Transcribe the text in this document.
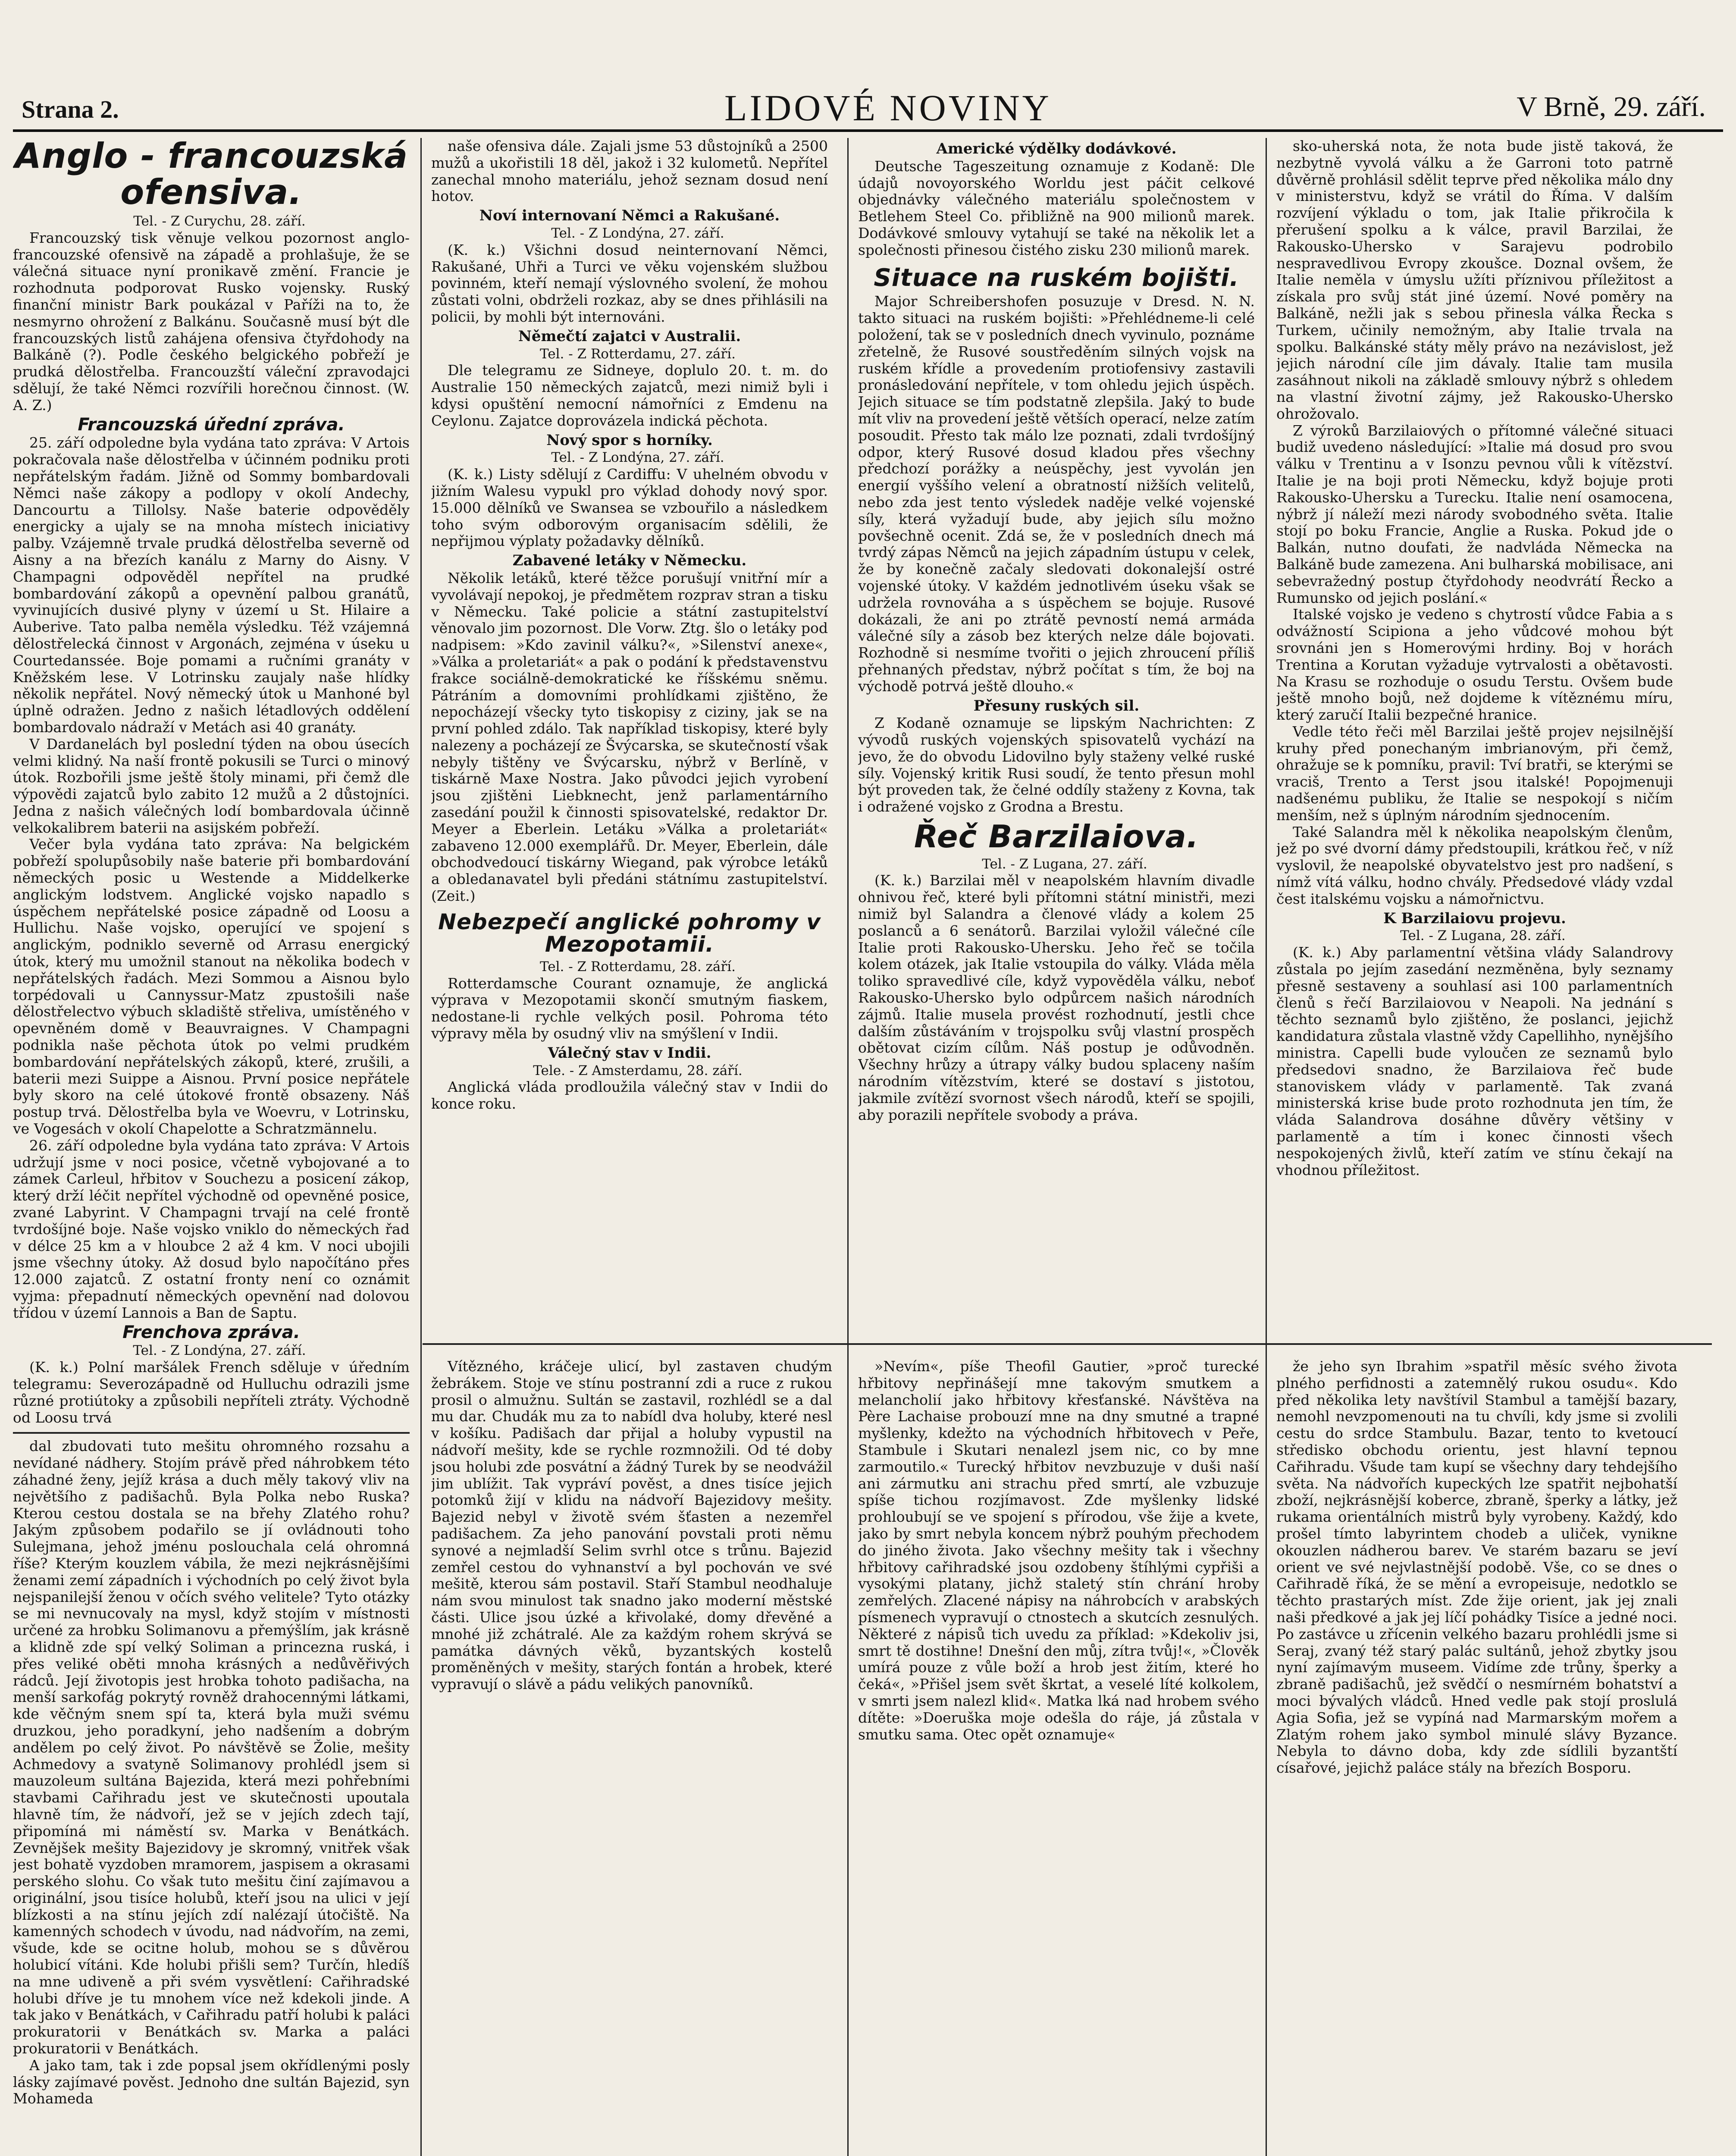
Strana 2.	LIDOVÉ NOVINY	V Brně, 29. září.
Anglo - francouzská ofensiva.

Tel. - Z Curychu, 28. září.

Francouzský tisk věnuje velkou pozornost anglo-francouzské ofensivě na západě a prohlašuje, že se válečná situace nyní pronikavě změní. Francie je rozhodnuta podporovat Rusko vojensky. Ruský finanční ministr Bark poukázal v Paříži na to, že nesmyrno ohrožení z Balkánu. Současně musí být dle francouzských listů zahájena ofensiva čtyřdohody na Balkáně (?). Podle českého belgického pobřeží je prudká dělostřelba. Francouzští váleční zpravodajci sdělují, že také Němci rozvířili horečnou činnost. (W. A. Z.)

Francouzská úřední zpráva.

25. září odpoledne byla vydána tato zpráva: V Artois pokračovala naše dělostřelba v účinném podniku proti nepřátelským řadám. Jižně od Sommy bombardovali Němci naše zákopy a podlopy v okolí Andechy, Dancourtu a Tillolsy. Naše baterie odpověděly energicky a ujaly se na mnoha místech iniciativy palby. Vzájemně trvale prudká dělostřelba severně od Aisny a na březích kanálu z Marny do Aisny. V Champagni odpověděl nepřítel na prudké bombardování zákopů a opevnění palbou granátů, vyvinujících dusivé plyny v území u St. Hilaire a Auberive. Tato palba neměla výsledku. Též vzájemná dělostřelecká činnost v Argonách, zejména v úseku u Courtedanssée. Boje pomami a ručními granáty v Kněžském lese. V Lotrinsku zaujaly naše hlídky několik nepřátel. Nový německý útok u Manhoné byl úplně odražen. Jedno z našich létadlových oddělení bombardovalo nádraží v Metách asi 40 granáty.

V Dardanelách byl poslední týden na obou úsecích velmi klidný. Na naší frontě pokusili se Turci o minový útok. Rozbořili jsme ještě štoly minami, při čemž dle výpovědi zajatců bylo zabito 12 mužů a 2 důstojníci. Jedna z našich válečných lodí bombardovala účinně velkokalibrem baterii na asijském pobřeží.

Večer byla vydána tato zpráva: Na belgickém pobřeží spolupůsobily naše baterie při bombardování německých posic u Westende a Middelkerke anglickým lodstvem. Anglické vojsko napadlo s úspěchem nepřátelské posice západně od Loosu a Hullichu. Naše vojsko, operující ve spojení s anglickým, podniklo severně od Arrasu energický útok, který mu umožnil stanout na několika bodech v nepřátelských řadách. Mezi Sommou a Aisnou bylo torpédovali u Cannyssur-Matz zpustošili naše dělostřelectvo výbuch skladiště střeliva, umístěného v opevněném domě v Beauvraignes. V Champagni podnikla naše pěchota útok po velmi prudkém bombardování nepřátelských zákopů, které, zrušili, a baterii mezi Suippe a Aisnou. První posice nepřátele byly skoro na celé útokové frontě obsazeny. Náš postup trvá. Dělostřelba byla ve Woevru, v Lotrinsku, ve Vogesách v okolí Chapelotte a Schratzmännelu.

26. září odpoledne byla vydána tato zpráva: V Artois udržují jsme v noci posice, včetně vybojované a to zámek Carleul, hřbitov v Souchezu a posicení zákop, který drží léčit nepřítel východně od opevněné posice, zvané Labyrint. V Champagni trvají na celé frontě tvrdošíjné boje. Naše vojsko vniklo do německých řad v délce 25 km a v hloubce 2 až 4 km. V noci ubojili jsme všechny útoky. Až dosud bylo napočítáno přes 12.000 zajatců. Z ostatní fronty není co oznámit vyjma: přepadnutí německých opevnění nad dolovou třídou v území Lannois a Ban de Saptu.

Frenchova zpráva.

Tel. - Z Londýna, 27. září.

(K. k.) Polní maršálek French sděluje v úředním telegramu: Severozápadně od Hulluchu odrazili jsme různé protiútoky a způsobili nepříteli ztráty. Východně od Loosu trvá

dal zbudovati tuto mešitu ohromného rozsahu a nevídané nádhery. Stojím právě před náhrobkem této záhadné ženy, jejíž krása a duch měly takový vliv na největšího z padišachů. Byla Polka nebo Ruska? Kterou cestou dostala se na břehy Zlatého rohu? Jakým způsobem podařilo se jí ovládnouti toho Sulejmana, jehož jménu poslouchala celá ohromná říše? Kterým kouzlem vábila, že mezi nejkrásnějšími ženami zemí západních i východních po celý život byla nejspanilejší ženou v očích svého velitele? Tyto otázky se mi nevnucovaly na mysl, když stojím v místnosti určené za hrobku Solimanovu a přemýšlím, jak krásně a klidně zde spí velký Soliman a princezna ruská, i přes veliké oběti mnoha krásných a nedůvěřivých rádců. Její životopis jest hrobka tohoto padišacha, na menší sarkofág pokrytý rovněž drahocennými látkami, kde věčným snem spí ta, která byla muži svému druzkou, jeho poradkyní, jeho nadšením a dobrým andělem po celý život. Po návštěvě se Žolie, mešity Achmedovy a svatyně Solimanovy prohlédl jsem si mauzoleum sultána Bajezida, která mezi pohřebními stavbami Cařihradu jest ve skutečnosti upoutala hlavně tím, že nádvoří, jež se v jejích zdech tají, připomíná mi náměstí sv. Marka v Benátkách. Zevnějšek mešity Bajezidovy je skromný, vnitřek však jest bohatě vyzdoben mramorem, jaspisem a okrasami perského slohu. Co však tuto mešitu činí zajímavou a originální, jsou tisíce holubů, kteří jsou na ulici v její blízkosti a na stínu jejích zdí nalézají útočiště. Na kamenných schodech v úvodu, nad nádvořím, na zemi, všude, kde se ocitne holub, mohou se s důvěrou holubicí vítáni. Kde holubi přišli sem? Turčín, hledíš na mne udiveně a při svém vysvětlení: Cařihradské holubi dříve je tu mnohem více než kdekoli jinde. A tak jako v Benátkách, v Cařihradu patří holubi k paláci prokuratorii v Benátkách sv. Marka a paláci prokuratorii v Benátkách.

A jako tam, tak i zde popsal jsem okřídlenými posly lásky zajímavé pověst. Jednoho dne sultán Bajezid, syn Mohameda

naše ofensiva dále. Zajali jsme 53 důstojníků a 2500 mužů a ukořistili 18 děl, jakož i 32 kulometů. Nepřítel zanechal mnoho materiálu, jehož seznam dosud není hotov.

Noví internovaní Němci a Rakušané.

Tel. - Z Londýna, 27. září.

(K. k.) Všichni dosud neinternovaní Němci, Rakušané, Uhři a Turci ve věku vojenském službou povinném, kteří nemají výslovného svolení, že mohou zůstati volni, obdrželi rozkaz, aby se dnes přihlásili na policii, by mohli být internováni.

Němečtí zajatci v Australii.

Tel. - Z Rotterdamu, 27. září.

Dle telegramu ze Sidneye, doplulo 20. t. m. do Australie 150 německých zajatců, mezi nimiž byli i kdysi opuštění nemocní námořníci z Emdenu na Ceylonu. Zajatce doprovázela indická pěchota.

Nový spor s horníky.

Tel. - Z Londýna, 27. září.

(K. k.) Listy sdělují z Cardiffu: V uhelném obvodu v jižním Walesu vypukl pro výklad dohody nový spor. 15.000 dělníků ve Swansea se vzbouřilo a následkem toho svým odborovým organisacím sdělili, že nepřijmou výplaty požadavky dělníků.

Zabavené letáky v Německu.

Několik letáků, které těžce porušují vnitřní mír a vyvolávají nepokoj, je předmětem rozprav stran a tisku v Německu. Také policie a státní zastupitelství věnovalo jim pozornost. Dle Vorw. Ztg. šlo o letáky pod nadpisem: »Kdo zavinil válku?«, »Silenství anexe«, »Válka a proletariát« a pak o podání k představenstvu frakce sociálně-demokratické ke říšskému sněmu. Pátráním a domovními prohlídkami zjištěno, že nepocházejí všecky tyto tiskopisy z ciziny, jak se na první pohled zdálo. Tak například tiskopisy, které byly nalezeny a pocházejí ze Švýcarska, se skutečností však nebyly tištěny ve Švýcarsku, nýbrž v Berlíně, v tiskárně Maxe Nostra. Jako původci jejich vyrobení jsou zjištěni Liebknecht, jenž parlamentárního zasedání použil k činnosti spisovatelské, redaktor Dr. Meyer a Eberlein. Letáku »Válka a proletariát« zabaveno 12.000 exemplářů. Dr. Meyer, Eberlein, dále obchodvedoucí tiskárny Wiegand, pak výrobce letáků a obledanavatel byli předáni státnímu zastupitelství. (Zeit.)

Nebezpečí anglické pohromy v Mezopotamii.

Tel. - Z Rotterdamu, 28. září.

Rotterdamsche Courant oznamuje, že anglická výprava v Mezopotamii skončí smutným fiaskem, nedostane-li rychle velkých posil. Pohroma této výpravy měla by osudný vliv na smýšlení v Indii.

Válečný stav v Indii.

Tele. - Z Amsterdamu, 28. září.

Anglická vláda prodloužila válečný stav v Indii do konce roku.

Americké výdělky dodávkové.

Deutsche Tageszeitung oznamuje z Kodaně: Dle údajů novoyorského Worldu jest páčit celkové objednávky válečného materiálu společnostem v Betlehem Steel Co. přibližně na 900 milionů marek. Dodávkové smlouvy vytahují se také na několik let a společnosti přinesou čistého zisku 230 milionů marek.

Situace na ruském bojišti.

Major Schreibershofen posuzuje v Dresd. N. N. takto situaci na ruském bojišti: »Přehlédneme-li celé položení, tak se v posledních dnech vyvinulo, poznáme zřetelně, že Rusové soustředěním silných vojsk na ruském křídle a provedením protiofensivy zastavili pronásledování nepřítele, v tom ohledu jejich úspěch. Jejich situace se tím podstatně zlepšila. Jaký to bude mít vliv na provedení ještě větších operací, nelze zatím posoudit. Přesto tak málo lze poznati, zdali tvrdošíjný odpor, který Rusové dosud kladou přes všechny předchozí porážky a neúspěchy, jest vyvolán jen energií vyššího velení a obratností nižších velitelů, nebo zda jest tento výsledek naděje velké vojenské síly, která vyžadují bude, aby jejich sílu možno povšechně ocenit. Zdá se, že v posledních dnech má tvrdý zápas Němců na jejich západním ústupu v celek, že by konečně začaly sledovati dokonalejší ostré vojenské útoky. V každém jednotlivém úseku však se udržela rovnováha a s úspěchem se bojuje. Rusové dokázali, že ani po ztrátě pevností nemá armáda válečné síly a zásob bez kterých nelze dále bojovati. Rozhodně si nesmíme tvořiti o jejich zhroucení příliš přehnaných představ, nýbrž počítat s tím, že boj na východě potrvá ještě dlouho.«

Přesuny ruských sil.

Z Kodaně oznamuje se lipským Nachrichten: Z vývodů ruských vojenských spisovatelů vychází na jevo, že do obvodu Lidovilno byly staženy velké ruské síly. Vojenský kritik Rusi soudí, že tento přesun mohl být proveden tak, že čelné oddíly staženy z Kovna, tak i odražené vojsko z Grodna a Brestu.

Řeč Barzilaiova.

Tel. - Z Lugana, 27. září.

(K. k.) Barzilai měl v neapolském hlavním divadle ohnivou řeč, které byli přítomni státní ministři, mezi nimiž byl Salandra a členové vlády a kolem 25 poslanců a 6 senátorů. Barzilai vyložil válečné cíle Italie proti Rakousko-Uhersku. Jeho řeč se točila kolem otázek, jak Italie vstoupila do války. Vláda měla toliko spravedlivé cíle, když vypověděla válku, neboť Rakousko-Uhersko bylo odpůrcem našich národních zájmů. Italie musela provést rozhodnutí, jestli chce dalším zůstáváním v trojspolku svůj vlastní prospěch obětovat cizím cílům. Náš postup je odůvodněn. Všechny hrůzy a útrapy války budou splaceny naším národním vítězstvím, které se dostaví s jistotou, jakmile zvítězí svornost všech národů, kteří se spojili, aby porazili nepřítele svobody a práva.

sko-uherská nota, že nota bude jistě taková, že nezbytně vyvolá válku a že Garroni toto patrně důvěrně prohlásil sdělit teprve před několika málo dny v ministerstvu, když se vrátil do Říma. V dalším rozvíjení výkladu o tom, jak Italie přikročila k přerušení spolku a k válce, pravil Barzilai, že Rakousko-Uhersko v Sarajevu podrobilo nespravedlivou Evropy zkoušce. Doznal ovšem, že Italie neměla v úmyslu užíti příznivou příležitost a získala pro svůj stát jiné území. Nové poměry na Balkáně, nežli jak s sebou přinesla válka Řecka s Turkem, učinily nemožným, aby Italie trvala na spolku. Balkánské státy měly právo na nezávislost, jež jejich národní cíle jim dávaly. Italie tam musila zasáhnout nikoli na základě smlouvy nýbrž s ohledem na vlastní životní zájmy, jež Rakousko-Uhersko ohrožovalo.

Z výroků Barzilaiových o přítomné válečné situaci budiž uvedeno následující: »Italie má dosud pro svou válku v Trentinu a v Isonzu pevnou vůli k vítězství. Italie je na boji proti Německu, když bojuje proti Rakousko-Uhersku a Turecku. Italie není osamocena, nýbrž jí náleží mezi národy svobodného světa. Italie stojí po boku Francie, Anglie a Ruska. Pokud jde o Balkán, nutno doufati, že nadvláda Německa na Balkáně bude zamezena. Ani bulharská mobilisace, ani sebevražedný postup čtyřdohody neodvrátí Řecko a Rumunsko od jejich poslání.«

Italské vojsko je vedeno s chytrostí vůdce Fabia a s odvážností Scipiona a jeho vůdcové mohou být srovnáni jen s Homerovými hrdiny. Boj v horách Trentina a Korutan vyžaduje vytrvalosti a obětavosti. Na Krasu se rozhoduje o osudu Terstu. Ovšem bude ještě mnoho bojů, než dojdeme k vítěznému míru, který zaručí Italii bezpečné hranice.

Vedle této řeči měl Barzilai ještě projev nejsilnější kruhy před ponechaným imbrianovým, při čemž, ohražuje se k pomníku, pravil: Tví bratři, se kterými se vraciš, Trento a Terst jsou italské! Popojmenuji nadšenému publiku, že Italie se nespokojí s ničím menším, než s úplným národním sjednocením.

Také Salandra měl k několika neapolským členům, jež po své dvorní dámy předstoupili, krátkou řeč, v níž vyslovil, že neapolské obyvatelstvo jest pro nadšení, s nímž vítá válku, hodno chvály. Předsedové vlády vzdal čest italskému vojsku a námořnictvu.

K Barzilaiovu projevu.

Tel. - Z Lugana, 28. září.

(K. k.) Aby parlamentní většina vlády Salandrovy zůstala po jejím zasedání nezměněna, byly seznamy přesně sestaveny a souhlasí asi 100 parlamentních členů s řečí Barzilaiovou v Neapoli. Na jednání s těchto seznamů bylo zjištěno, že poslanci, jejichž kandidatura zůstala vlastně vždy Capellihho, nynějšího ministra. Capelli bude vyloučen ze seznamů bylo předsedovi snadno, že Barzilaiova řeč bude stanoviskem vlády v parlamentě. Tak zvaná ministerská krise bude proto rozhodnuta jen tím, že vláda Salandrova dosáhne důvěry většiny v parlamentě a tím i konec činnosti všech nespokojených živlů, kteří zatím ve stínu čekají na vhodnou příležitost.

Vítězného, kráčeje ulicí, byl zastaven chudým žebrákem. Stoje ve stínu postranní zdi a ruce z rukou prosil o almužnu. Sultán se zastavil, rozhlédl se a dal mu dar. Chudák mu za to nabídl dva holuby, které nesl v košíku. Padišach dar přijal a holuby vypustil na nádvoří mešity, kde se rychle rozmnožili. Od té doby jsou holubi zde posvátní a žádný Turek by se neodvážil jim ublížit. Tak vypráví pověst, a dnes tisíce jejich potomků žijí v klidu na nádvoří Bajezidovy mešity. Bajezid nebyl v životě svém šťasten a nezemřel padišachem. Za jeho panování povstali proti němu synové a nejmladší Selim svrhl otce s trůnu. Bajezid zemřel cestou do vyhnanství a byl pochován ve své mešitě, kterou sám postavil. Staří Stambul neodhaluje nám svou minulost tak snadno jako moderní městské části. Ulice jsou úzké a křivolaké, domy dřevěné a mnohé již zchátralé. Ale za každým rohem skrývá se památka dávných věků, byzantských kostelů proměněných v mešity, starých fontán a hrobek, které vypravují o slávě a pádu velikých panovníků.

»Nevím«, píše Theofil Gautier, »proč turecké hřbitovy nepřinášejí mne takovým smutkem a melancholií jako hřbitovy křesťanské. Návštěva na Père Lachaise probouzí mne na dny smutné a trapné myšlenky, kdežto na východních hřbitovech v Peře, Stambule i Skutari nenalezl jsem nic, co by mne zarmoutilo.« Turecký hřbitov nevzbuzuje v duši naší ani zármutku ani strachu před smrtí, ale vzbuzuje spíše tichou rozjímavost. Zde myšlenky lidské prohloubují se ve spojení s přírodou, vše žije a kvete, jako by smrt nebyla koncem nýbrž pouhým přechodem do jiného života. Jako všechny mešity tak i všechny hřbitovy cařihradské jsou ozdobeny štíhlými cypřiši a vysokými platany, jichž staletý stín chrání hroby zemřelých. Zlacené nápisy na náhrobcích v arabských písmenech vypravují o ctnostech a skutcích zesnulých. Některé z nápisů tich uvedu za příklad: »Kdekoliv jsi, smrt tě dostihne! Dnešní den můj, zítra tvůj!«, »Člověk umírá pouze z vůle boží a hrob jest žitím, které ho čeká«, »Přišel jsem svět škrtat, a veselé líté kolkolem, v smrti jsem nalezl klid«. Matka lká nad hrobem svého dítěte: »Doeruška moje odešla do ráje, já zůstala v smutku sama. Otec opět oznamuje«

že jeho syn Ibrahim »spatřil měsíc svého života plného perfidnosti a zatemnělý rukou osudu«. Kdo před několika lety navštívil Stambul a tamější bazary, nemohl nevzpomenouti na tu chvíli, kdy jsme si zvolili cestu do srdce Stambulu. Bazar, tento to kvetoucí středisko obchodu orientu, jest hlavní tepnou Cařihradu. Všude tam kupí se všechny dary tehdejšího světa. Na nádvořích kupeckých lze spatřit nejbohatší zboží, nejkrásnější koberce, zbraně, šperky a látky, jež rukama orientálních mistrů byly vyrobeny. Každý, kdo prošel tímto labyrintem chodeb a uliček, vynikne okouzlen nádherou barev. Ve starém bazaru se jeví orient ve své nejvlastnější podobě. Vše, co se dnes o Cařihradě říká, že se mění a evropeisuje, nedotklo se těchto prastarých míst. Zde žije orient, jak jej znali naši předkové a jak jej líčí pohádky Tisíce a jedné noci. Po zastávce u zřícenin velkého bazaru prohlédli jsme si Seraj, zvaný též starý palác sultánů, jehož zbytky jsou nyní zajímavým museem. Vidíme zde trůny, šperky a zbraně padišachů, jež svědčí o nesmírném bohatství a moci bývalých vládců. Hned vedle pak stojí proslulá Agia Sofia, jež se vypíná nad Marmarským mořem a Zlatým rohem jako symbol minulé slávy Byzance. Nebyla to dávno doba, kdy zde sídlili byzantští císařové, jejichž paláce stály na březích Bosporu.
